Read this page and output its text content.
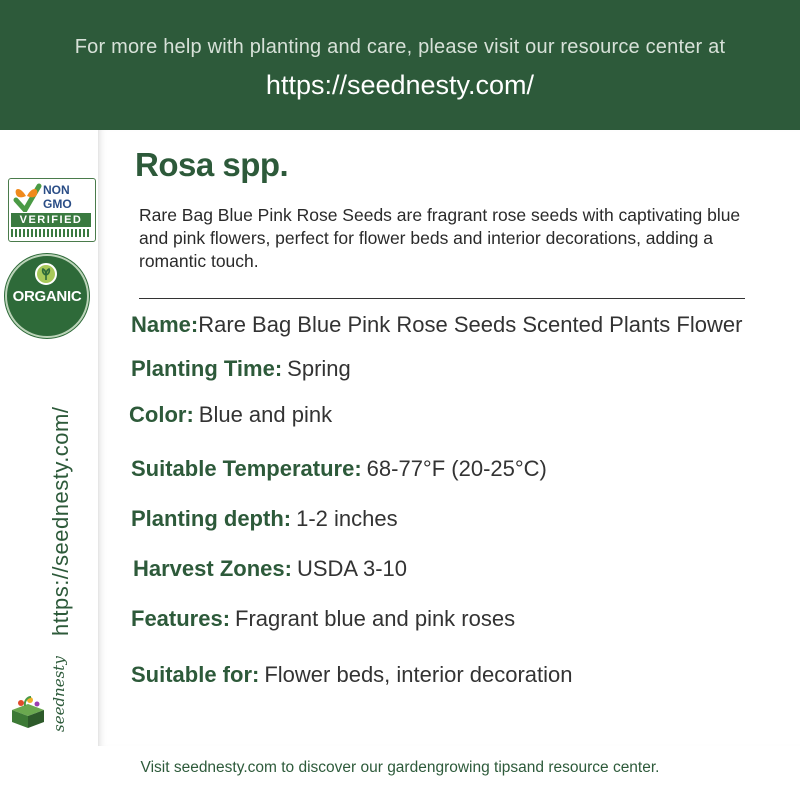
For more help with planting and care, please visit our resource center at
https://seednesty.com/
NON GMO
VERIFIED
ORGANIC
https://seednesty.com/
seednesty
Rosa spp.
Rare Bag Blue Pink Rose Seeds are fragrant rose seeds with captivating blue and pink flowers, perfect for flower beds and interior decorations, adding a romantic touch.
Name:Rare Bag Blue Pink Rose Seeds Scented Plants Flower
Planting Time: Spring
Color: Blue and pink
Suitable Temperature: 68-77°F (20-25°C)
Planting depth: 1-2 inches
Harvest Zones: USDA 3-10
Features: Fragrant blue and pink roses
Suitable for: Flower beds, interior decoration
Visit seednesty.com to discover our gardengrowing tipsand resource center.
